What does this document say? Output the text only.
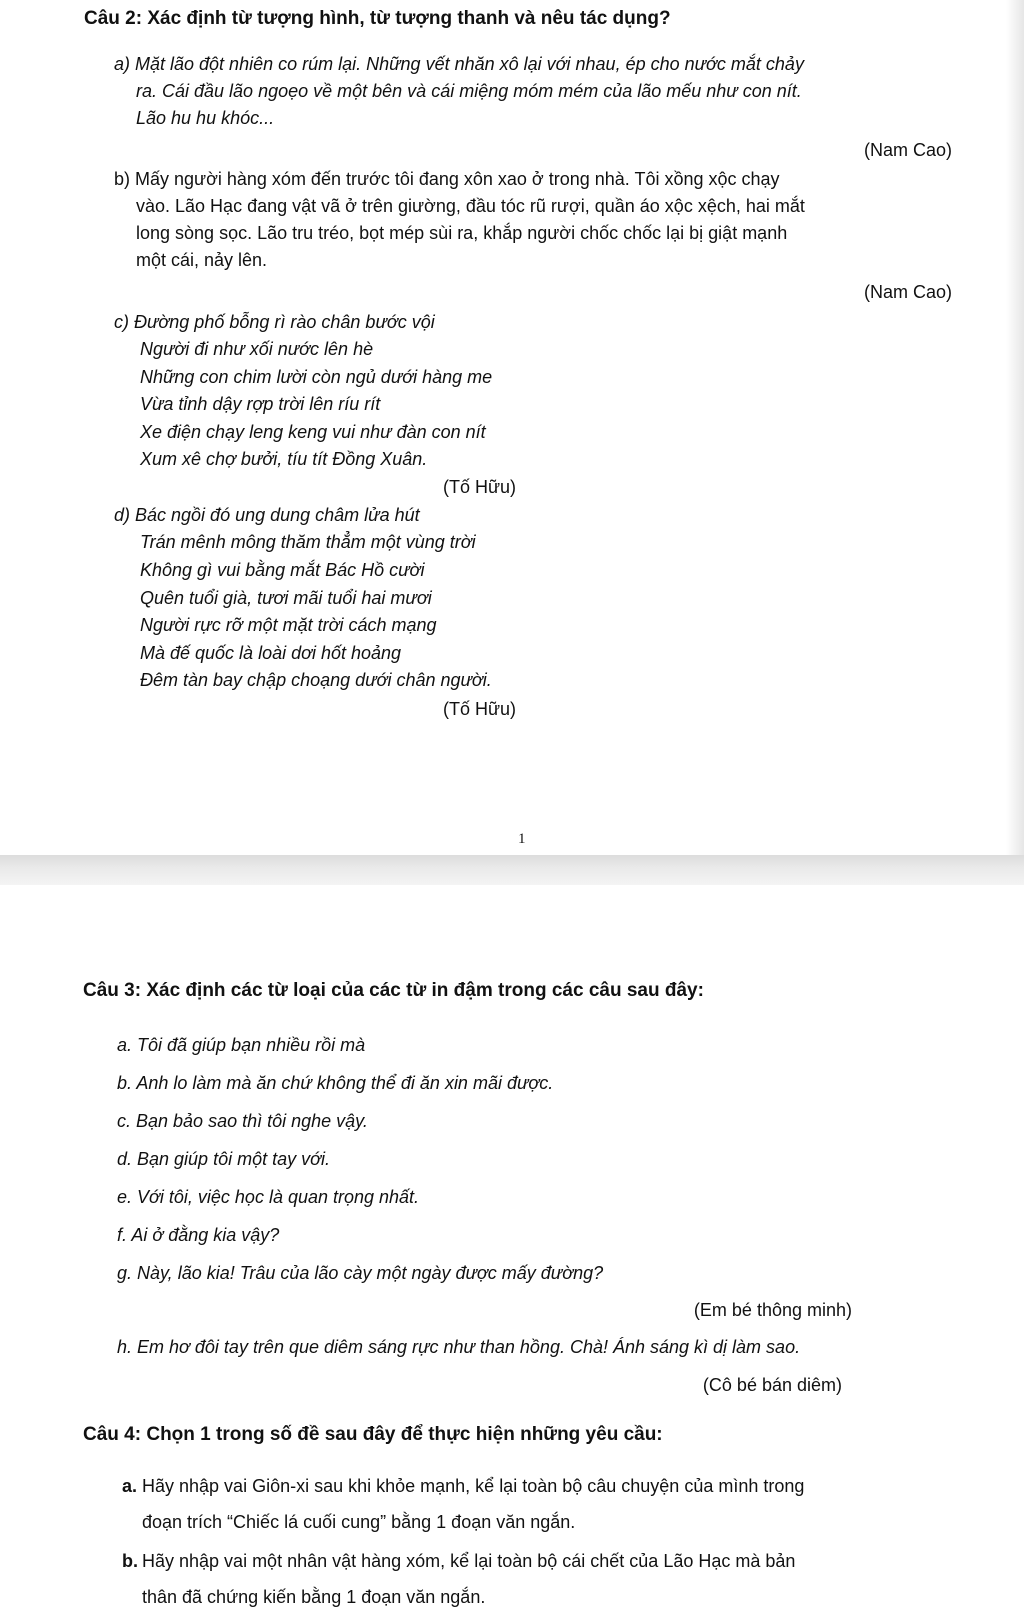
Câu 2: Xác định từ tượng hình, từ tượng thanh và nêu tác dụng?
a) Mặt lão đột nhiên co rúm lại. Những vết nhăn xô lại với nhau, ép cho nước mắt chảy
ra. Cái đầu lão ngoẹo về một bên và cái miệng móm mém của lão mếu như con nít.
Lão hu hu khóc...
(Nam Cao)
b) Mấy người hàng xóm đến trước tôi đang xôn xao ở trong nhà. Tôi xồng xộc chạy
vào. Lão Hạc đang vật vã ở trên giường, đầu tóc rũ rượi, quần áo xộc xệch, hai mắt
long sòng sọc. Lão tru tréo, bọt mép sùi ra, khắp người chốc chốc lại bị giật mạnh
một cái, nảy lên.
(Nam Cao)
c) Đường phố bỗng rì rào chân bước vội
Người đi như xối nước lên hè
Những con chim lười còn ngủ dưới hàng me
Vừa tỉnh dậy rợp trời lên ríu rít
Xe điện chạy leng keng vui như đàn con nít
Xum xê chợ bưởi, tíu tít Đồng Xuân.
(Tố Hữu)
d) Bác ngồi đó ung dung châm lửa hút
Trán mênh mông thăm thẳm một vùng trời
Không gì vui bằng mắt Bác Hồ cười
Quên tuổi già, tươi mãi tuổi hai mươi
Người rực rỡ một mặt trời cách mạng
Mà đế quốc là loài dơi hốt hoảng
Đêm tàn bay chập choạng dưới chân người.
(Tố Hữu)
1
Câu 3: Xác định các từ loại của các từ in đậm trong các câu sau đây:
a. Tôi đã giúp bạn nhiều rồi mà
b. Anh lo làm mà ăn chứ không thể đi ăn xin mãi được.
c. Bạn bảo sao thì tôi nghe vậy.
d. Bạn giúp tôi một tay với.
e. Với tôi, việc học là quan trọng nhất.
f. Ai ở đằng kia vậy?
g. Này, lão kia! Trâu của lão cày một ngày được mấy đường?
(Em bé thông minh)
h. Em hơ đôi tay trên que diêm sáng rực như than hồng. Chà! Ánh sáng kì dị làm sao.
(Cô bé bán diêm)
Câu 4: Chọn 1 trong số đề sau đây để thực hiện những yêu cầu:
a. Hãy nhập vai Giôn-xi sau khi khỏe mạnh, kể lại toàn bộ câu chuyện của mình trong
đoạn trích “Chiếc lá cuối cung” bằng 1 đoạn văn ngắn.
b. Hãy nhập vai một nhân vật hàng xóm, kể lại toàn bộ cái chết của Lão Hạc mà bản
thân đã chứng kiến bằng 1 đoạn văn ngắn.
